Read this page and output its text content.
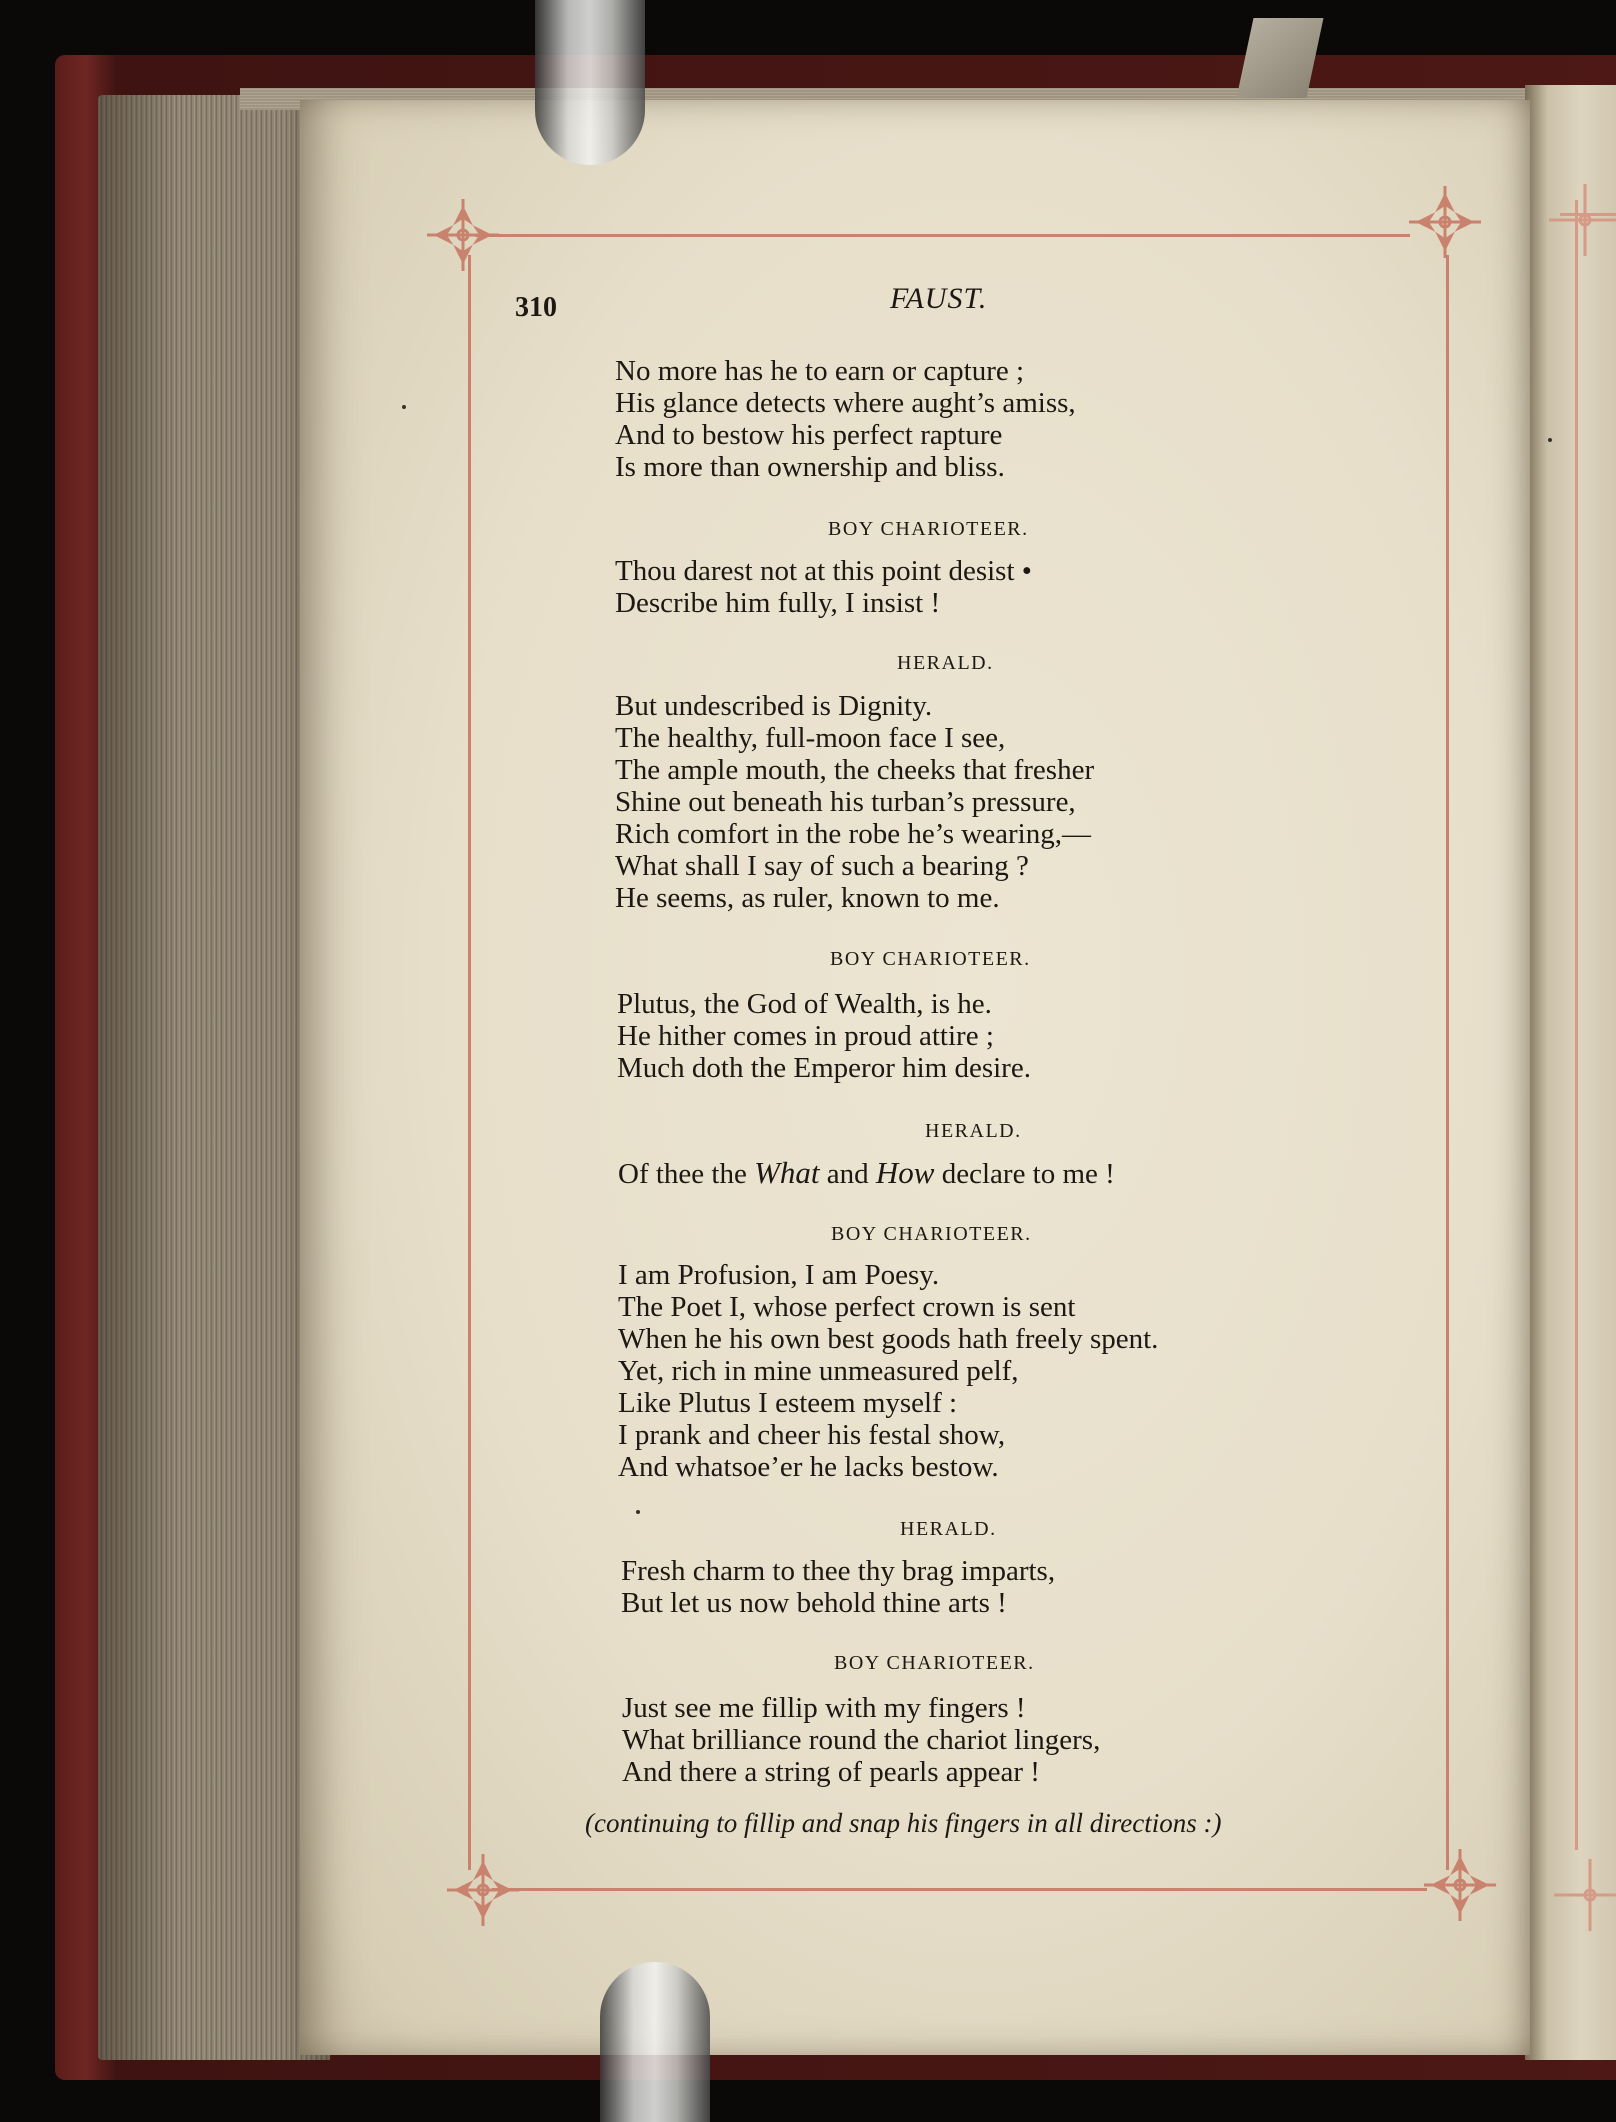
310	FAUST.

No more has he to earn or capture ;
His glance detects where aught’s amiss,
And to bestow his perfect rapture
Is more than ownership and bliss.

BOY CHARIOTEER.

Thou darest not at this point desist •
Describe him fully, I insist !

HERALD.

But undescribed is Dignity.
The healthy, full-moon face I see,
The ample mouth, the cheeks that fresher
Shine out beneath his turban’s pressure,
Rich comfort in the robe he’s wearing,—
What shall I say of such a bearing ?
He seems, as ruler, known to me.

BOY CHARIOTEER.

Plutus, the God of Wealth, is he.
He hither comes in proud attire ;
Much doth the Emperor him desire.

HERALD.

Of thee the What and How declare to me !

BOY CHARIOTEER.

I am Profusion, I am Poesy.
The Poet I, whose perfect crown is sent
When he his own best goods hath freely spent.
Yet, rich in mine unmeasured pelf,
Like Plutus I esteem myself :
I prank and cheer his festal show,
And whatsoe’er he lacks bestow.

HERALD.

Fresh charm to thee thy brag imparts,
But let us now behold thine arts !

BOY CHARIOTEER.

Just see me fillip with my fingers !
What brilliance round the chariot lingers,
And there a string of pearls appear !

(continuing to fillip and snap his fingers in all directions :)
